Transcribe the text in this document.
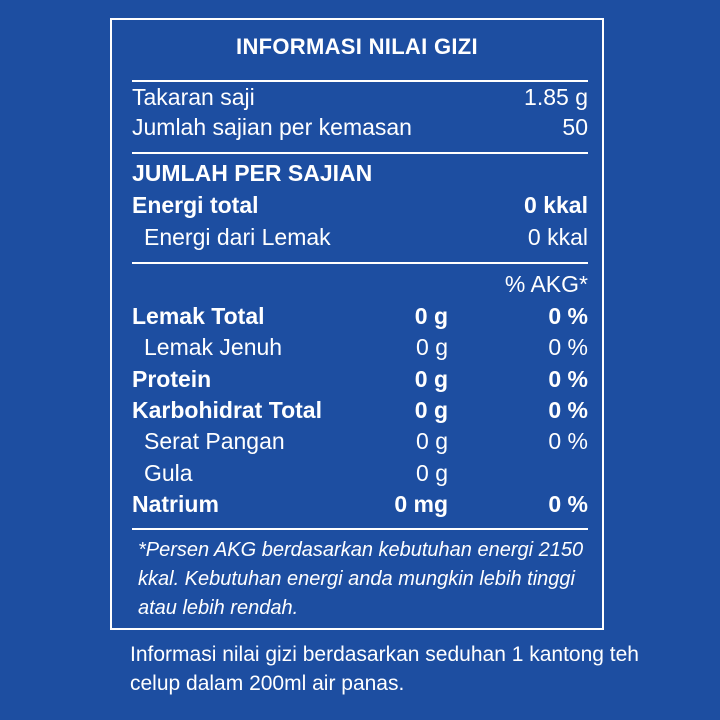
INFORMASI NILAI GIZI
Takaran saji	1.85 g
Jumlah sajian per kemasan	50
JUMLAH PER SAJIAN
Energi total	0 kkal
Energi dari Lemak	0 kkal
% AKG*
Lemak Total	0 g	0 %
Lemak Jenuh	0 g	0 %
Protein	0 g	0 %
Karbohidrat Total	0 g	0 %
Serat Pangan	0 g	0 %
Gula	0 g
Natrium	0 mg	0 %
*Persen AKG berdasarkan kebutuhan energi 2150 kkal. Kebutuhan energi anda mungkin lebih tinggi atau lebih rendah.
Informasi nilai gizi berdasarkan seduhan 1 kantong teh celup dalam 200ml air panas.
